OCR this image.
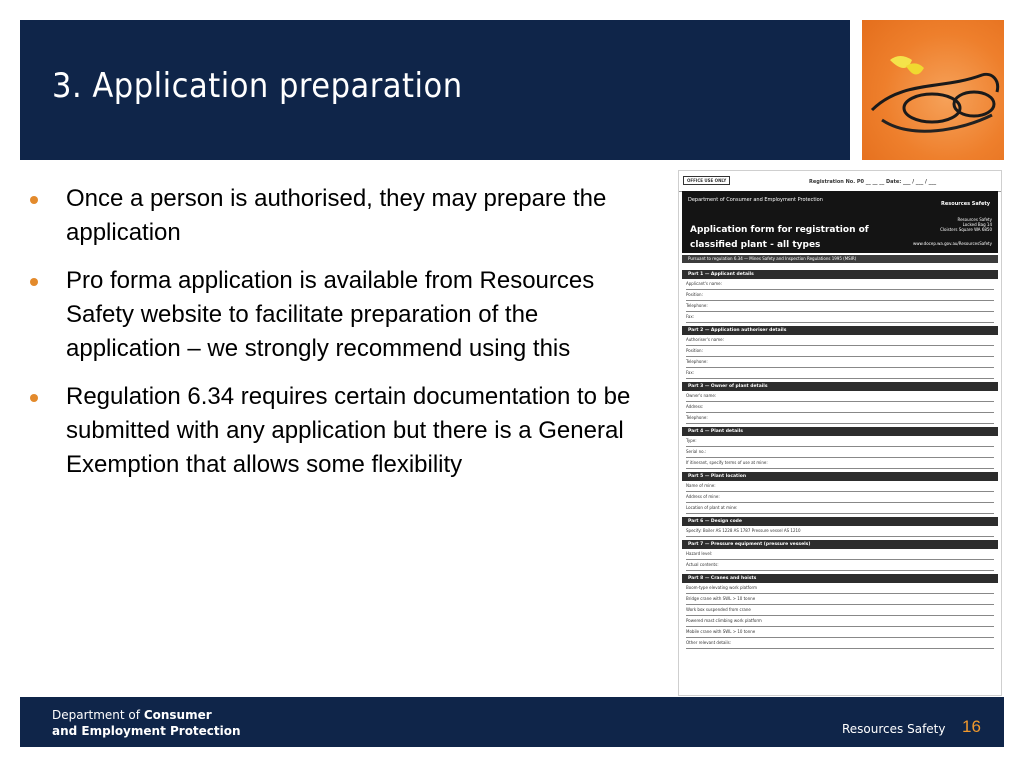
3. Application preparation
Once a person is authorised, they may prepare the application
Pro forma application is available from Resources Safety website to facilitate preparation of the application – we strongly recommend using this
Regulation 6.34 requires certain documentation to be submitted with any application but there is a General Exemption that allows some flexibility
OFFICE USE ONLY	Registration No. P0 __ __ __ Date: ___ / ___ / ___
Department of Consumer and Employment Protection
Resources Safety
Resources Safety
Locked Bag 14
Cloisters Square WA 6850
Application form for registration of
classified plant - all types	www.docep.wa.gov.au/ResourcesSafety
Pursuant to regulation 6.34 — Mines Safety and Inspection Regulations 1995 (MSIR)
Part 1 — Applicant details
Applicant's name:
Position:
Telephone:
Fax:
Part 2 — Application authoriser details
Authoriser's name:
Position:
Telephone:
Fax:
Part 3 — Owner of plant details
Owner's name:
Address:
Telephone:
Part 4 — Plant details
Type:
Serial no.:
If itinerant, specify terms of use at mine:
Part 5 — Plant location
Name of mine:
Address of mine:
Location of plant at mine:
Part 6 — Design code
Specify: Boiler AS 1228 AS 1787 Pressure vessel AS 1210
Part 7 — Pressure equipment (pressure vessels)
Hazard level:
Actual contents:
Part 8 — Cranes and hoists
Boom-type elevating work platform
Bridge crane with SWL > 10 tonne
Work box suspended from crane
Powered mast climbing work platform
Mobile crane with SWL > 10 tonne
Other relevant details:
Department of Consumer
and Employment Protection	Resources Safety 16
